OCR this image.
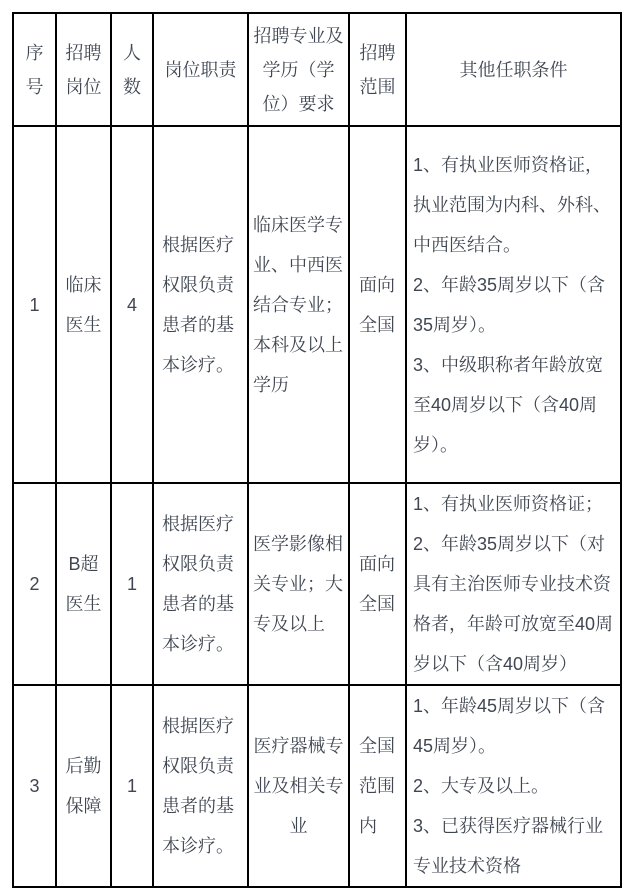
序号	招聘岗位	人数	岗位职责	招聘专业及学历（学位）要求	招聘范围	其他任职条件
1	临床医生	4	根据医疗权限负责患者的基本诊疗。	临床医学专业、中西医结合专业；本科及以上学历	面向全国	1、有执业医师资格证，执业范围为内科、外科、中西医结合。
2、年龄35周岁以下（含35周岁）。
3、中级职称者年龄放宽至40周岁以下（含40周岁）。

2	B超医生	1	根据医疗权限负责患者的基本诊疗。	医学影像相关专业；大专及以上	面向全国	1、有执业医师资格证；
2、年龄35周岁以下（对具有主治医师专业技术资格者，年龄可放宽至40周岁以下（含40周岁）

3	后勤保障	1	根据医疗权限负责患者的基本诊疗。	医疗器械专业及相关专业	全国范围内	1、年龄45周岁以下（含45周岁）。
2、大专及以上。
3、已获得医疗器械行业专业技术资格
